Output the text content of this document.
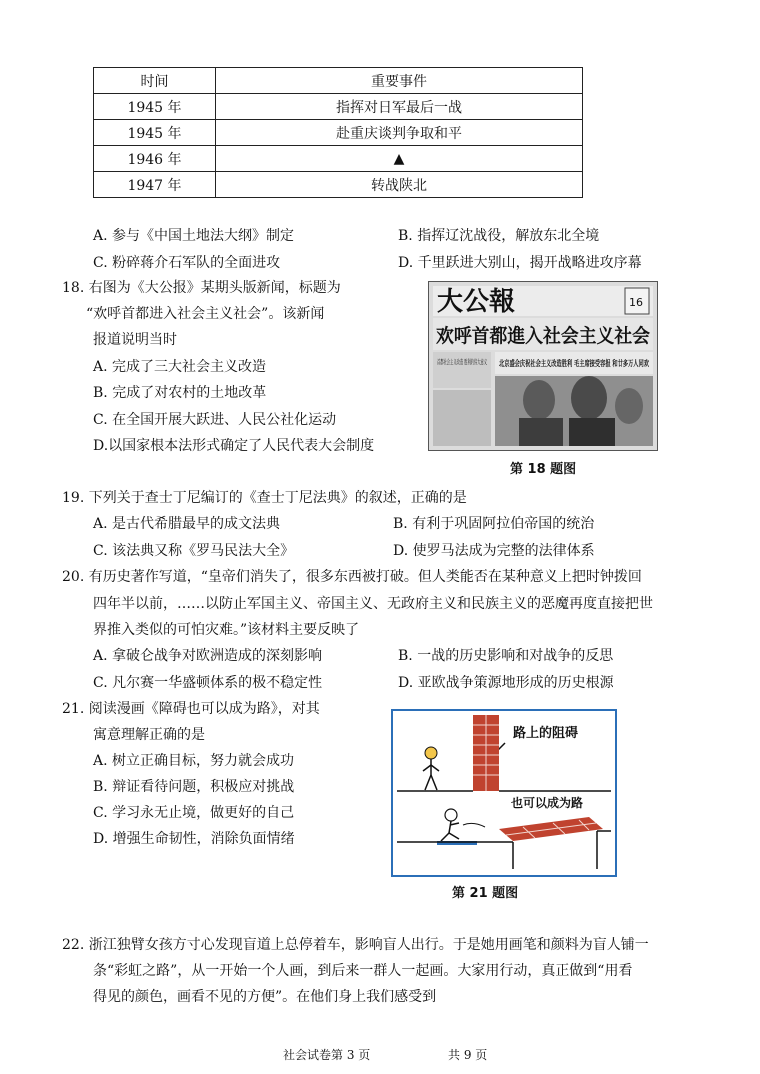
时间	重要事件
1945 年	指挥对日军最后一战
1945 年	赴重庆谈判争取和平
1946 年	▲
1947 年	转战陕北
A. 参与《中国土地法大纲》制定	B. 指挥辽沈战役，解放东北全境
C. 粉碎蒋介石军队的全面进攻	D. 千里跃进大别山，揭开战略进攻序幕
18. 右图为《大公报》某期头版新闻，标题为
“欢呼首都进入社会主义社会”。该新闻
报道说明当时
A. 完成了三大社会主义改造
B. 完成了对农村的土地改革
C. 在全国开展大跃进、人民公社化运动
D.以国家根本法形式确定了人民代表大会制度
大公報	16
欢呼首都進入社会主义社会
首都社会主义改造 胜利的伟大意义
北京盛会庆祝社会主义改造胜利 毛主席接受
第 18 题图
19. 下列关于查士丁尼编订的《查士丁尼法典》的叙述，正确的是
A. 是古代希腊最早的成文法典	B. 有利于巩固阿拉伯帝国的统治
C. 该法典又称《罗马民法大全》	D. 使罗马法成为完整的法律体系
20. 有历史著作写道，“皇帝们消失了，很多东西被打破。但人类能否在某种意义上把时钟拨回
四年半以前，……以防止军国主义、帝国主义、无政府主义和民族主义的恶魔再度直接把世
界推入类似的可怕灾难。”该材料主要反映了
A. 拿破仑战争对欧洲造成的深刻影响	B. 一战的历史影响和对战争的反思
C. 凡尔赛一华盛顿体系的极不稳定性	D. 亚欧战争策源地形成的历史根源
21. 阅读漫画《障碍也可以成为路》，对其
寓意理解正确的是
A. 树立正确目标，努力就会成功
B. 辩证看待问题，积极应对挑战
C. 学习永无止境，做更好的自己
D. 增强生命韧性，消除负面情绪
路上的阻碍
也可以成为路
第 21 题图
22. 浙江独臂女孩方寸心发现盲道上总停着车，影响盲人出行。于是她用画笔和颜料为盲人铺一
条“彩虹之路”，从一开始一个人画，到后来一群人一起画。大家用行动，真正做到“用看
得见的颜色，画看不见的方便”。在他们身上我们感受到
社会试卷第 3 页	共 9 页
